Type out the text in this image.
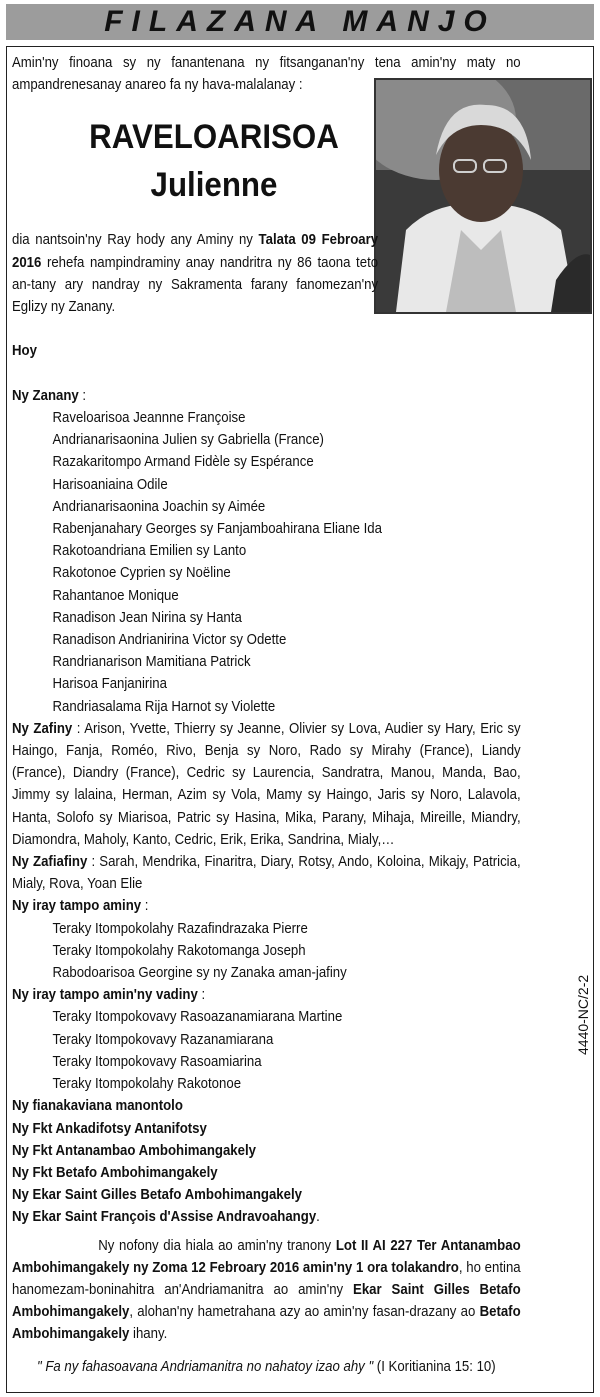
FILAZANA MANJO
RAVELOARISOA
Julienne

Amin'ny finoana sy ny fanantenana ny fitsanganan'ny tena amin'ny maty no ampandrenesanay anareo fa ny hava-malalanay :

dia nantsoin'ny Ray hody any Aminy ny Talata 09 Febroary 2016 rehefa nampindraminy anay nandritra ny 86 taona teto an-tany ary nandray ny Sakramenta farany fanomezan'ny Eglizy ny Zanany.

Hoy

Ny Zanany :

Raveloarisoa Jeannne Françoise

Andrianarisaonina Julien sy Gabriella (France)

Razakaritompo Armand Fidèle sy Espérance

Harisoaniaina Odile

Andrianarisaonina Joachin sy Aimée

Rabenjanahary Georges sy Fanjamboahirana Eliane Ida

Rakotoandriana Emilien sy Lanto

Rakotonoe Cyprien sy Noëline

Rahantanoe Monique

Ranadison Jean Nirina sy Hanta

Ranadison Andrianirina Victor sy Odette

Randrianarison Mamitiana Patrick

Harisoa Fanjanirina

Randriasalama Rija Harnot sy Violette

Ny Zafiny : Arison, Yvette, Thierry sy Jeanne, Olivier sy Lova, Audier sy Hary, Eric sy Haingo, Fanja, Roméo, Rivo, Benja sy Noro, Rado sy Mirahy (France), Liandy (France), Diandry (France), Cedric sy Laurencia, Sandratra, Manou, Manda, Bao, Jimmy sy lalaina, Herman, Azim sy Vola, Mamy sy Haingo, Jaris sy Noro, Lalavola, Hanta, Solofo sy Miarisoa, Patric sy Hasina, Mika, Parany, Mihaja, Mireille, Miandry, Diamondra, Maholy, Kanto, Cedric, Erik, Erika, Sandrina, Mialy,…

Ny Zafiafiny : Sarah, Mendrika, Finaritra, Diary, Rotsy, Ando, Koloina, Mikajy, Patricia, Mialy, Rova, Yoan Elie

Ny iray tampo aminy :

Teraky Itompokolahy Razafindrazaka Pierre

Teraky Itompokolahy Rakotomanga Joseph

Rabodoarisoa Georgine sy ny Zanaka aman-jafiny

Ny iray tampo amin'ny vadiny :

Teraky Itompokovavy Rasoazanamiarana Martine

Teraky Itompokovavy Razanamiarana

Teraky Itompokovavy Rasoamiarina

Teraky Itompokolahy Rakotonoe

Ny fianakaviana manontolo

Ny Fkt Ankadifotsy Antanifotsy

Ny Fkt Antanambao Ambohimangakely

Ny Fkt Betafo Ambohimangakely

Ny Ekar Saint Gilles Betafo Ambohimangakely

Ny Ekar Saint François d'Assise Andravoahangy.

Ny nofony dia hiala ao amin'ny tranony Lot II AI 227 Ter Antanambao Ambohimangakely ny Zoma 12 Febroary 2016 amin'ny 1 ora tolakandro, ho entina hanomezam-boninahitra an'Andriamanitra ao amin'ny Ekar Saint Gilles Betafo Ambohimangakely, alohan'ny hametrahana azy ao amin'ny fasan-drazany ao Betafo Ambohimangakely ihany.

" Fa ny fahasoavana Andriamanitra no nahatoy izao ahy " (I Koritianina 15: 10)

4440-NC/2-2
